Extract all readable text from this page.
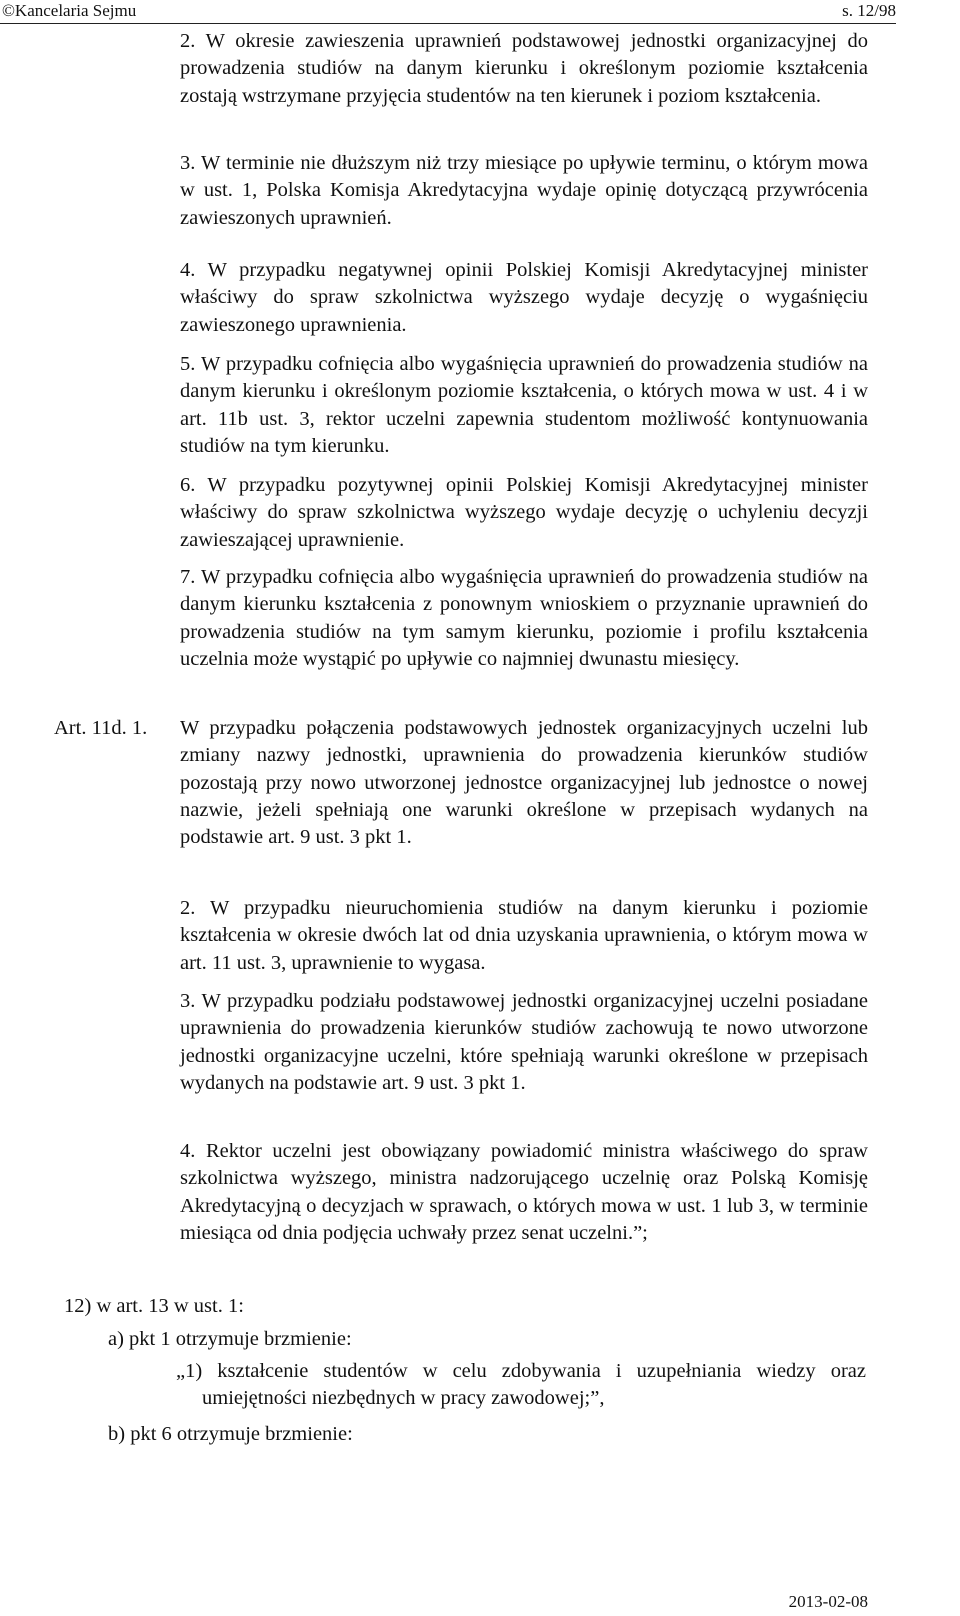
©Kancelaria Sejmu	s. 12/98
2. W okresie zawieszenia uprawnień podstawowej jednostki organizacyjnej do prowadzenia studiów na danym kierunku i określonym poziomie kształcenia zostają wstrzymane przyjęcia studentów na ten kierunek i poziom kształcenia.
3. W terminie nie dłuższym niż trzy miesiące po upływie terminu, o którym mowa w ust. 1, Polska Komisja Akredytacyjna wydaje opinię dotyczącą przywrócenia zawieszonych uprawnień.
4. W przypadku negatywnej opinii Polskiej Komisji Akredytacyjnej minister właściwy do spraw szkolnictwa wyższego wydaje decyzję o wygaśnięciu zawieszonego uprawnienia.
5. W przypadku cofnięcia albo wygaśnięcia uprawnień do prowadzenia studiów na danym kierunku i określonym poziomie kształcenia, o których mowa w ust. 4 i w art. 11b ust. 3, rektor uczelni zapewnia studentom możliwość kontynuowania studiów na tym kierunku.
6. W przypadku pozytywnej opinii Polskiej Komisji Akredytacyjnej minister właściwy do spraw szkolnictwa wyższego wydaje decyzję o uchyleniu decyzji zawieszającej uprawnienie.
7. W przypadku cofnięcia albo wygaśnięcia uprawnień do prowadzenia studiów na danym kierunku kształcenia z ponownym wnioskiem o przyznanie uprawnień do prowadzenia studiów na tym samym kierunku, poziomie i profilu kształcenia uczelnia może wystąpić po upływie co najmniej dwunastu miesięcy.
Art. 11d. 1. W przypadku połączenia podstawowych jednostek organizacyjnych uczelni lub zmiany nazwy jednostki, uprawnienia do prowadzenia kierunków studiów pozostają przy nowo utworzonej jednostce organizacyjnej lub jednostce o nowej nazwie, jeżeli spełniają one warunki określone w przepisach wydanych na podstawie art. 9 ust. 3 pkt 1.
2. W przypadku nieuruchomienia studiów na danym kierunku i poziomie kształcenia w okresie dwóch lat od dnia uzyskania uprawnienia, o którym mowa w art. 11 ust. 3, uprawnienie to wygasa.
3. W przypadku podziału podstawowej jednostki organizacyjnej uczelni posiadane uprawnienia do prowadzenia kierunków studiów zachowują te nowo utworzone jednostki organizacyjne uczelni, które spełniają warunki określone w przepisach wydanych na podstawie art. 9 ust. 3 pkt 1.
4. Rektor uczelni jest obowiązany powiadomić ministra właściwego do spraw szkolnictwa wyższego, ministra nadzorującego uczelnię oraz Polską Komisję Akredytacyjną o decyzjach w sprawach, o których mowa w ust. 1 lub 3, w terminie miesiąca od dnia podjęcia uchwały przez senat uczelni.”;
12) w art. 13 w ust. 1:
a) pkt 1 otrzymuje brzmienie:
„1) kształcenie studentów w celu zdobywania i uzupełniania wiedzy oraz umiejętności niezbędnych w pracy zawodowej;”,
b) pkt 6 otrzymuje brzmienie:
2013-02-08
